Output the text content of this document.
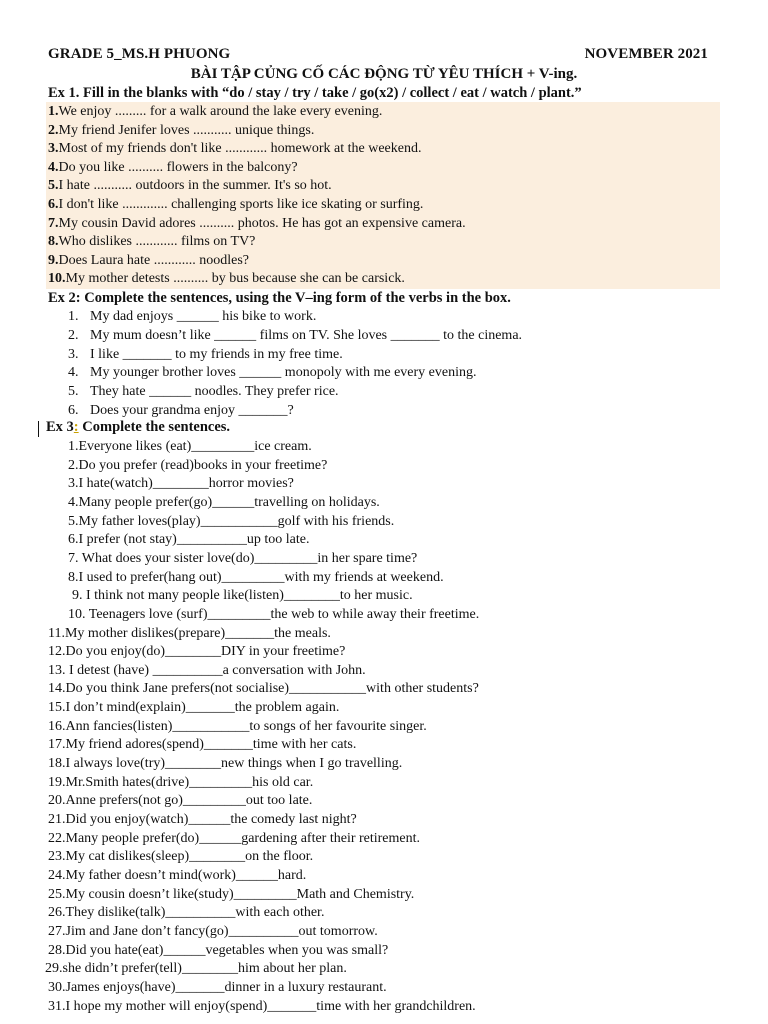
GRADE 5_MS.H PHUONG	NOVEMBER 2021
BÀI TẬP CỦNG CỐ CÁC ĐỘNG TỪ YÊU THÍCH + V-ing.
Ex 1. Fill in the blanks with “do / stay / try / take / go(x2) / collect / eat / watch / plant.”
1.We enjoy ......... for a walk around the lake every evening.
2.My friend Jenifer loves ........... unique things.
3.Most of my friends don't like ............ homework at the weekend.
4.Do you like .......... flowers in the balcony?
5.I hate ........... outdoors in the summer. It's so hot.
6.I don't like ............. challenging sports like ice skating or surfing.
7.My cousin David adores .......... photos. He has got an expensive camera.
8.Who dislikes ............ films on TV?
9.Does Laura hate ............ noodles?
10.My mother detests .......... by bus because she can be carsick.
Ex 2: Complete the sentences, using the V–ing form of the verbs in the box.
1. My dad enjoys ______ his bike to work.
2. My mum doesn’t like ______ films on TV. She loves _______ to the cinema.
3. I like _______ to my friends in my free time.
4. My younger brother loves ______ monopoly with me every evening.
5. They hate ______ noodles. They prefer rice.
6. Does your grandma enjoy _______?
Ex 3: Complete the sentences.
1.Everyone likes (eat)_________ice cream.
2.Do you prefer (read)books in your freetime?
3.I hate(watch)________horror movies?
4.Many people prefer(go)______travelling on holidays.
5.My father loves(play)___________golf with his friends.
6.I prefer (not stay)__________up too late.
7. What does your sister love(do)_________in her spare time?
8.I used to prefer(hang out)_________with my friends at weekend.
9. I think not many people like(listen)________to her music.
10. Teenagers love (surf)_________the web to while away their freetime.
11.My mother dislikes(prepare)_______the meals.
12.Do you enjoy(do)________DIY in your freetime?
13. I detest (have) __________a conversation with John.
14.Do you think Jane prefers(not socialise)___________with other students?
15.I don’t mind(explain)_______the problem again.
16.Ann fancies(listen)___________to songs of her favourite singer.
17.My friend adores(spend)_______time with her cats.
18.I always love(try)________new things when I go travelling.
19.Mr.Smith hates(drive)_________his old car.
20.Anne prefers(not go)_________out too late.
21.Did you enjoy(watch)______the comedy last night?
22.Many people prefer(do)______gardening after their retirement.
23.My cat dislikes(sleep)________on the floor.
24.My father doesn’t mind(work)______hard.
25.My cousin doesn’t like(study)_________Math and Chemistry.
26.They dislike(talk)__________with each other.
27.Jim and Jane don’t fancy(go)__________out tomorrow.
28.Did you hate(eat)______vegetables when you was small?
29.she didn’t prefer(tell)________him about her plan.
30.James enjoys(have)_______dinner in a luxury restaurant.
31.I hope my mother will enjoy(spend)_______time with her grandchildren.
